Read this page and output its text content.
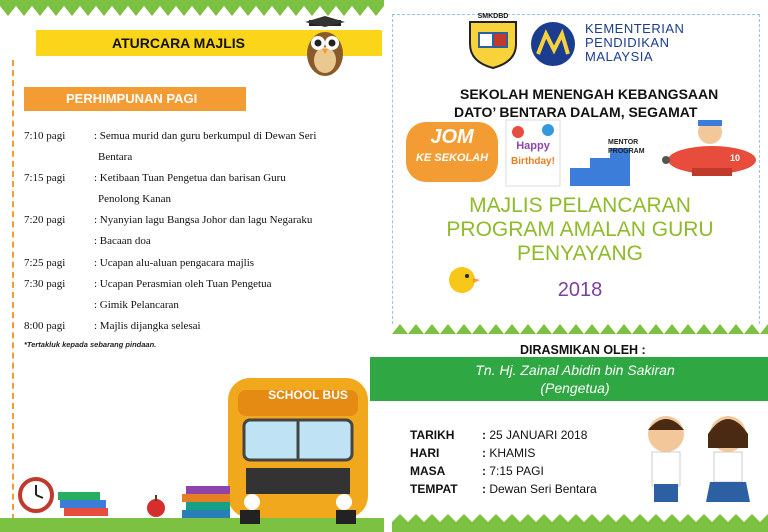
ATURCARA MAJLIS
PERHIMPUNAN PAGI
7:10 pagi	: Semua murid dan guru berkumpul di Dewan Seri
Bentara
7:15 pagi	: Ketibaan Tuan Pengetua dan barisan Guru
Penolong Kanan
7:20 pagi	: Nyanyian lagu Bangsa Johor dan lagu Negaraku
: Bacaan doa
7:25 pagi	: Ucapan alu-aluan pengacara majlis
7:30 pagi	: Ucapan Perasmian oleh Tuan Pengetua
: Gimik Pelancaran
8:00 pagi	: Majlis dijangka selesai
*Tertakluk kepada sebarang pindaan.
SCHOOL BUS
SMKDBD
KEMENTERIAN
PENDIDIKAN
MALAYSIA
SEKOLAH MENENGAH KEBANGSAAN
DATO’ BENTARA DALAM, SEGAMAT
JOM
KE SEKOLAH
Happy
Birthday!
MENTOR
PROGRAM
10
MAJLIS PELANCARAN
PROGRAM AMALAN GURU
PENYAYANG
2018
DIRASMIKAN OLEH :
Tn. Hj. Zainal Abidin bin Sakiran
(Pengetua)
TARIKH : 25 JANUARI 2018
HARI	: KHAMIS
MASA	: 7:15 PAGI
TEMPAT : Dewan Seri Bentara
